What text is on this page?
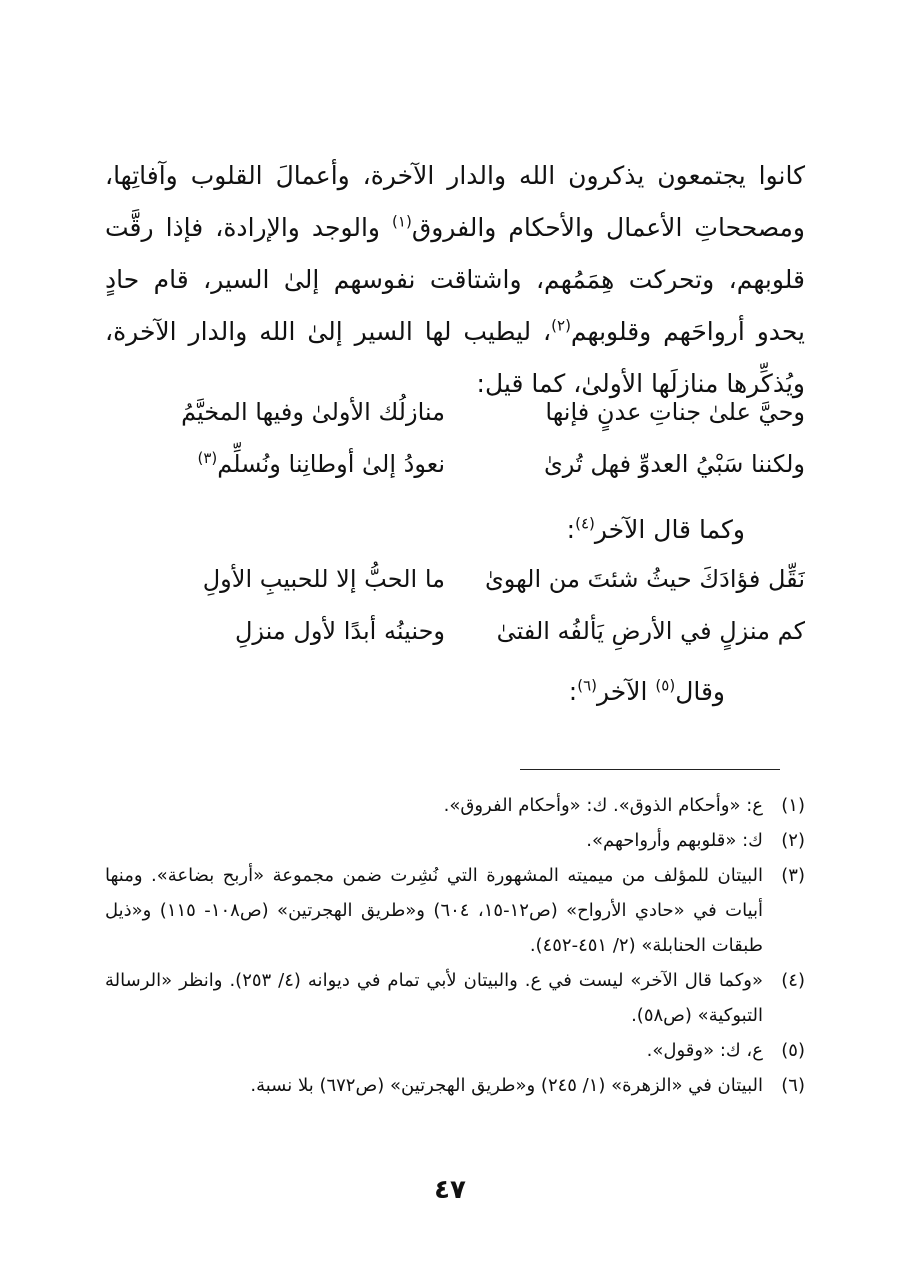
كانوا يجتمعون يذكرون الله والدار الآخرة، وأعمالَ القلوب وآفاتِها، ومصححاتِ الأعمال والأحكام والفروق$^{(١)}$ والوجد والإرادة، فإذا رقَّت قلوبهم، وتحركت هِمَمُهم، واشتاقت نفوسهم إلىٰ السير، قام حادٍ يحدو أرواحَهم وقلوبهم$^{(٢)}$، ليطيب لها السير إلىٰ الله والدار الآخرة، ويُذكِّرها منازلَها الأولىٰ، كما قيل:

وحيَّ علىٰ جناتِ عدنٍ فإنها
منازلُك الأولىٰ وفيها المخيَّمُ
ولكننا سَبْيُ العدوِّ فهل تُرىٰ
نعودُ إلىٰ أوطانِنا ونُسلِّم$^{(٣)}$
وكما قال الآخر$^{(٤)}$:
نَقِّل فؤادَكَ حيثُ شئتَ من الهوىٰ
ما الحبُّ إلا للحبيبِ الأولِ
كم منزلٍ في الأرضِ يَألفُه الفتىٰ
وحنينُه أبدًا لأول منزلِ
وقال$^{(٥)}$ الآخر$^{(٦)}$:
(١)
ع: «وأحكام الذوق». ك: «وأحكام الفروق».
(٢)
ك: «قلوبهم وأرواحهم».
(٣)
البيتان للمؤلف من ميميته المشهورة التي نُشِرت ضمن مجموعة «أربح بضاعة». ومنها أبيات في «حادي الأرواح» (ص١٢-١٥، ٦٠٤) و«طريق الهجرتين» (ص١٠٨- ١١٥) و«ذيل طبقات الحنابلة» (٢/ ٤٥١-٤٥٢).
(٤)
«وكما قال الآخر» ليست في ع. والبيتان لأبي تمام في ديوانه (٤/ ٢٥٣). وانظر «الرسالة التبوكية» (ص٥٨).
(٥)
ع، ك: «وقول».
(٦)
البيتان في «الزهرة» (١/ ٢٤٥) و«طريق الهجرتين» (ص٦٧٢) بلا نسبة.
٤٧
